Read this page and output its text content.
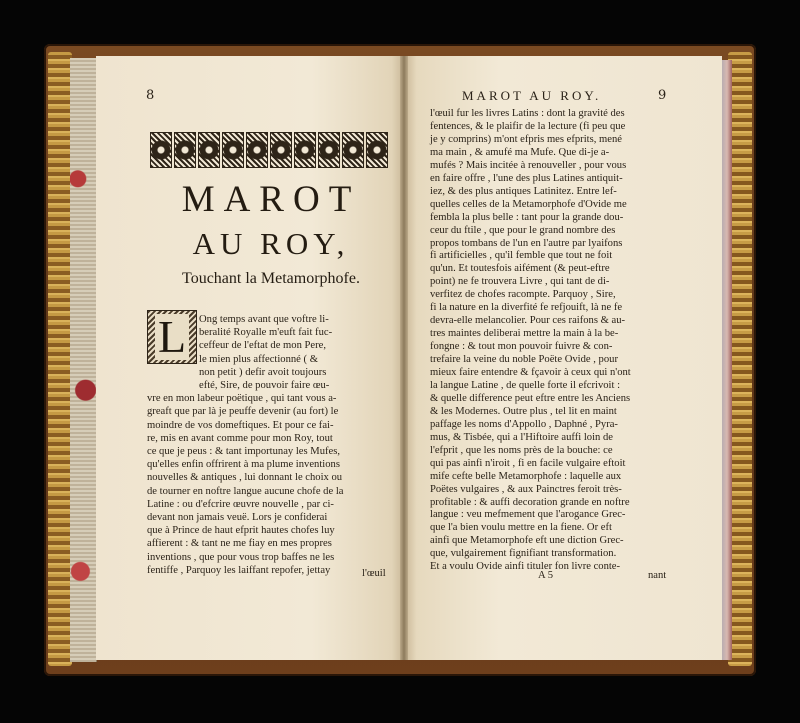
8
MAROT
AU ROY,
Touchant la Metamorphofe.
L Ong temps avant que voftre li-
beralité Royalle m'euft fait fuc-
ceffeur de l'eftat de mon Pere,
le mien plus affectionné ( &
non petit ) defir avoit toujours
efté, Sire, de pouvoir faire œu-
vre en mon labeur poëtique , qui tant vous a-
greaft que par là je peuffe devenir (au fort) le
moindre de vos domeftiques. Et pour ce fai-
re, mis en avant comme pour mon Roy, tout
ce que je peus : & tant importunay les Mufes,
qu'elles enfin offrirent à ma plume inventions
nouvelles & antiques , lui donnant le choix ou
de tourner en noftre langue aucune chofe de la
Latine : ou d'efcrire œuvre nouvelle , par ci-
devant non jamais veuë. Lors je confiderai
que à Prince de haut efprit hautes chofes luy
affierent : & tant ne me fiay en mes propres
inventions , que pour vous trop baffes ne les
fentiffe , Parquoy les laiffant repofer, jettay	l'œuil
MAROT AU ROY.	9
l'œuil fur les livres Latins : dont la gravité des
fentences, & le plaifir de la lecture (fi peu que
je y comprins) m'ont efpris mes efprits, mené
ma main , & amufé ma Mufe. Que di-je a-
mufés ? Mais incitée à renouveller , pour vous
en faire offre , l'une des plus Latines antiquit-
iez, & des plus antiques Latinitez. Entre lef-
quelles celles de la Metamorphofe d'Ovide me
fembla la plus belle : tant pour la grande dou-
ceur du ftile , que pour le grand nombre des
propos tombans de l'un en l'autre par lyaifons
fi artificielles , qu'il femble que tout ne foit
qu'un. Et toutesfois aifément (& peut-eftre
point) ne fe trouvera Livre , qui tant de di-
verfitez de chofes racompte. Parquoy , Sire,
fi la nature en la diverfité fe refjouift, là ne fe
devra-elle melancolier. Pour ces raifons & au-
tres maintes deliberai mettre la main à la be-
fongne : & tout mon pouvoir fuivre & con-
trefaire la veine du noble Poëte Ovide , pour
mieux faire entendre & fçavoir à ceux qui n'ont
la langue Latine , de quelle forte il efcrivoit :
& quelle difference peut eftre entre les Anciens
& les Modernes. Outre plus , tel lit en maint
paffage les noms d'Appollo , Daphné , Pyra-
mus, & Tisbée, qui a l'Hiftoire auffi loin de
l'efprit , que les noms près de la bouche: ce
qui pas ainfi n'iroit , fi en facile vulgaire eftoit
mife cefte belle Metamorphofe : laquelle aux
Poëtes vulgaires , & aux Painctres feroit très-
profitable : & auffi decoration grande en noftre
langue : veu mefmement que l'arogance Grec-
que l'a bien voulu mettre en la fiene. Or eft
ainfi que Metamorphofe eft une diction Grec-
que, vulgairement fignifiant transformation.
Et a voulu Ovide ainfi tituler fon livre conte-
A 5	nant
